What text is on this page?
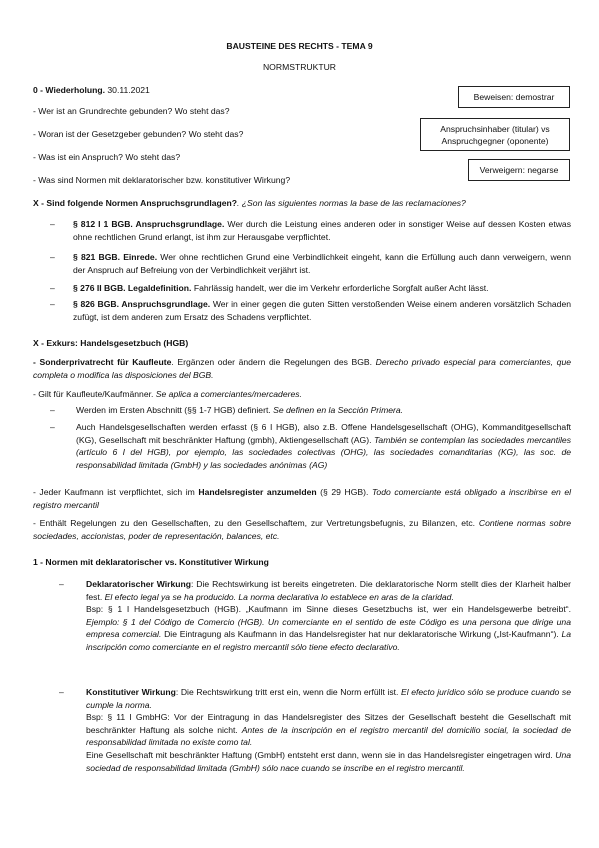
BAUSTEINE DES RECHTS - TEMA 9
NORMSTRUKTUR
Beweisen: demostrar
Anspruchsinhaber (titular) vs Anspruchgegner (oponente)
Verweigern: negarse
0 - Wiederholung. 30.11.2021
- Wer ist an Grundrechte gebunden? Wo steht das?
- Woran ist der Gesetzgeber gebunden? Wo steht das?
- Was ist ein Anspruch? Wo steht das?
- Was sind Normen mit deklaratorischer bzw. konstitutiver Wirkung?
X - Sind folgende Normen Anspruchsgrundlagen?. ¿Son las siguientes normas la base de las reclamaciones?
– § 812 I 1 BGB. Anspruchsgrundlage. Wer durch die Leistung eines anderen oder in sonstiger Weise auf dessen Kosten etwas ohne rechtlichen Grund erlangt, ist ihm zur Herausgabe verpflichtet.
– § 821 BGB. Einrede. Wer ohne rechtlichen Grund eine Verbindlichkeit eingeht, kann die Erfüllung auch dann verweigern, wenn der Anspruch auf Befreiung von der Verbindlichkeit verjährt ist.
– § 276 II BGB. Legaldefinition. Fahrlässig handelt, wer die im Verkehr erforderliche Sorgfalt außer Acht lässt.
– § 826 BGB. Anspruchsgrundlage. Wer in einer gegen die guten Sitten verstoßenden Weise einem anderen vorsätzlich Schaden zufügt, ist dem anderen zum Ersatz des Schadens verpflichtet.
X - Exkurs: Handelsgesetzbuch (HGB)
- Sonderprivatrecht für Kaufleute. Ergänzen oder ändern die Regelungen des BGB. Derecho privado especial para comerciantes, que completa o modifica las disposiciones del BGB.
- Gilt für Kaufleute/Kaufmänner. Se aplica a comerciantes/mercaderes.
– Werden im Ersten Abschnitt (§§ 1-7 HGB) definiert. Se definen en la Sección Primera.
– Auch Handelsgesellschaften werden erfasst (§ 6 I HGB), also z.B. Offene Handelsgesellschaft (OHG), Kommanditgesellschaft (KG), Gesellschaft mit beschränkter Haftung (gmbh), Aktiengesellschaft (AG). También se contemplan las sociedades mercantiles (artículo 6 I del HGB), por ejemplo, las sociedades colectivas (OHG), las sociedades comanditarias (KG), las soc. de responsabilidad limitada (GmbH) y las sociedades anónimas (AG)
- Jeder Kaufmann ist verpflichtet, sich im Handelsregister anzumelden (§ 29 HGB). Todo comerciante está obligado a inscribirse en el registro mercantil
- Enthält Regelungen zu den Gesellschaften, zu den Gesellschaftem, zur Vertretungsbefugnis, zu Bilanzen, etc. Contiene normas sobre sociedades, accionistas, poder de representación, balances, etc.
1 - Normen mit deklaratorischer vs. Konstitutiver Wirkung
–	Deklaratorischer Wirkung: Die Rechtswirkung ist bereits eingetreten. Die deklaratorische Norm stellt dies der Klarheit halber fest. El efecto legal ya se ha producido. La norma declarativa lo establece en aras de la claridad.
Bsp: § 1 I Handelsgesetzbuch (HGB). „Kaufmann im Sinne dieses Gesetzbuchs ist, wer ein Handelsgewerbe betreibt“. Ejemplo: § 1 del Código de Comercio (HGB). Un comerciante en el sentido de este Código es una persona que dirige una empresa comercial. Die Eintragung als Kaufmann in das Handelsregister hat nur deklaratorische Wirkung („Ist-Kaufmann“). La inscripción como comerciante en el registro mercantil sólo tiene efecto declarativo.
–	Konstitutiver Wirkung: Die Rechtswirkung tritt erst ein, wenn die Norm erfüllt ist. El efecto jurídico sólo se produce cuando se cumple la norma.
Bsp: § 11 I GmbHG: Vor der Eintragung in das Handelsregister des Sitzes der Gesellschaft besteht die Gesellschaft mit beschränkter Haftung als solche nicht. Antes de la inscripción en el registro mercantil del domicilio social, la sociedad de responsabilidad limitada no existe como tal.
Eine Gesellschaft mit beschränkter Haftung (GmbH) entsteht erst dann, wenn sie in das Handelsregister eingetragen wird. Una sociedad de responsabilidad limitada (GmbH) sólo nace cuando se inscribe en el registro mercantil.
